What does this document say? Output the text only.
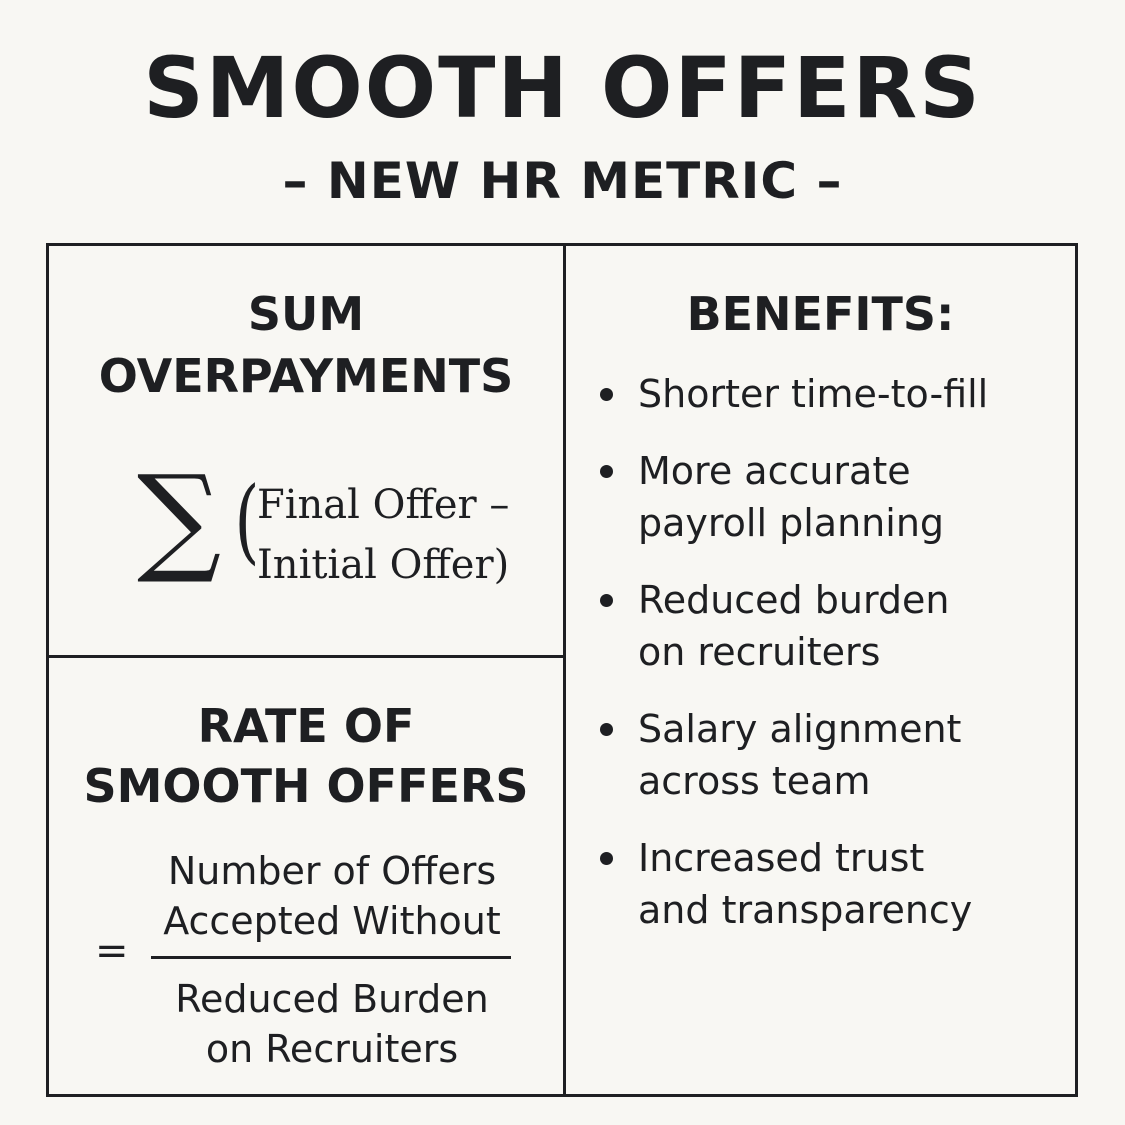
SMOOTH OFFERS
– NEW HR METRIC –
SUM
OVERPAYMENTS
∑ (
Final Offer –
Initial Offer)
RATE OF
SMOOTH OFFERS
=
Number of Offers
Accepted Without
Reduced Burden
on Recruiters
BENEFITS:
Shorter time-to-fill
More accurate
payroll planning
Reduced burden
on recruiters
Salary alignment
across team
Increased trust
and transparency
